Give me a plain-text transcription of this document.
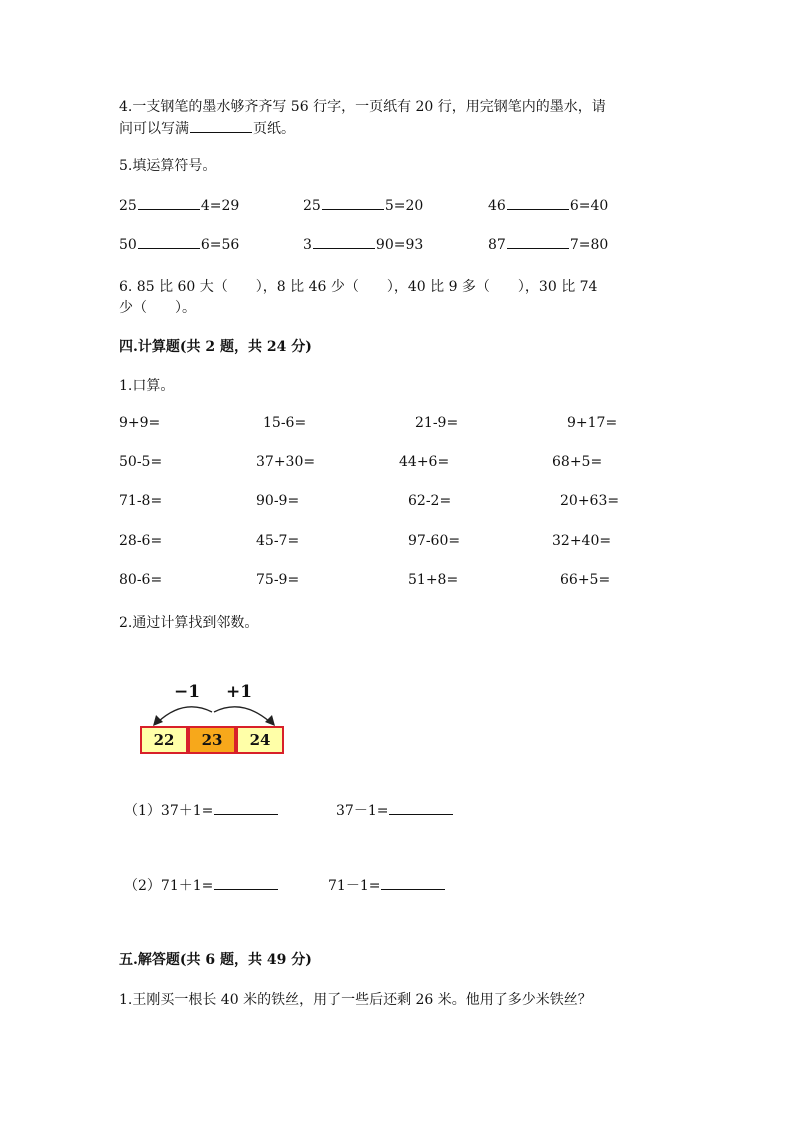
4.一支钢笔的墨水够齐齐写 56 行字，一页纸有 20 行，用完钢笔内的墨水，请
问可以写满	页纸。
5.填运算符号。
25	4=29	25	5=20	46	6=40
50	6=56	3	90=93	87	7=80
6. 85 比 60 大（　　），8 比 46 少（　　），40 比 9 多（　　），30 比 74
少（　　）。
四.计算题(共 2 题，共 24 分)
1.口算。
9+9=	15-6=	21-9=	9+17=
50-5=	37+30=	44+6=	68+5=
71-8=	90-9=	62-2=	20+63=
28-6=	45-7=	97-60=	32+40=
80-6=	75-9=	51+8=	66+5=
2.通过计算找到邻数。
−1 +1
22	23	24
（1）37＋1=	37－1=
（2）71＋1=	71－1=
五.解答题(共 6 题，共 49 分)
1.王刚买一根长 40 米的铁丝，用了一些后还剩 26 米。他用了多少米铁丝？
